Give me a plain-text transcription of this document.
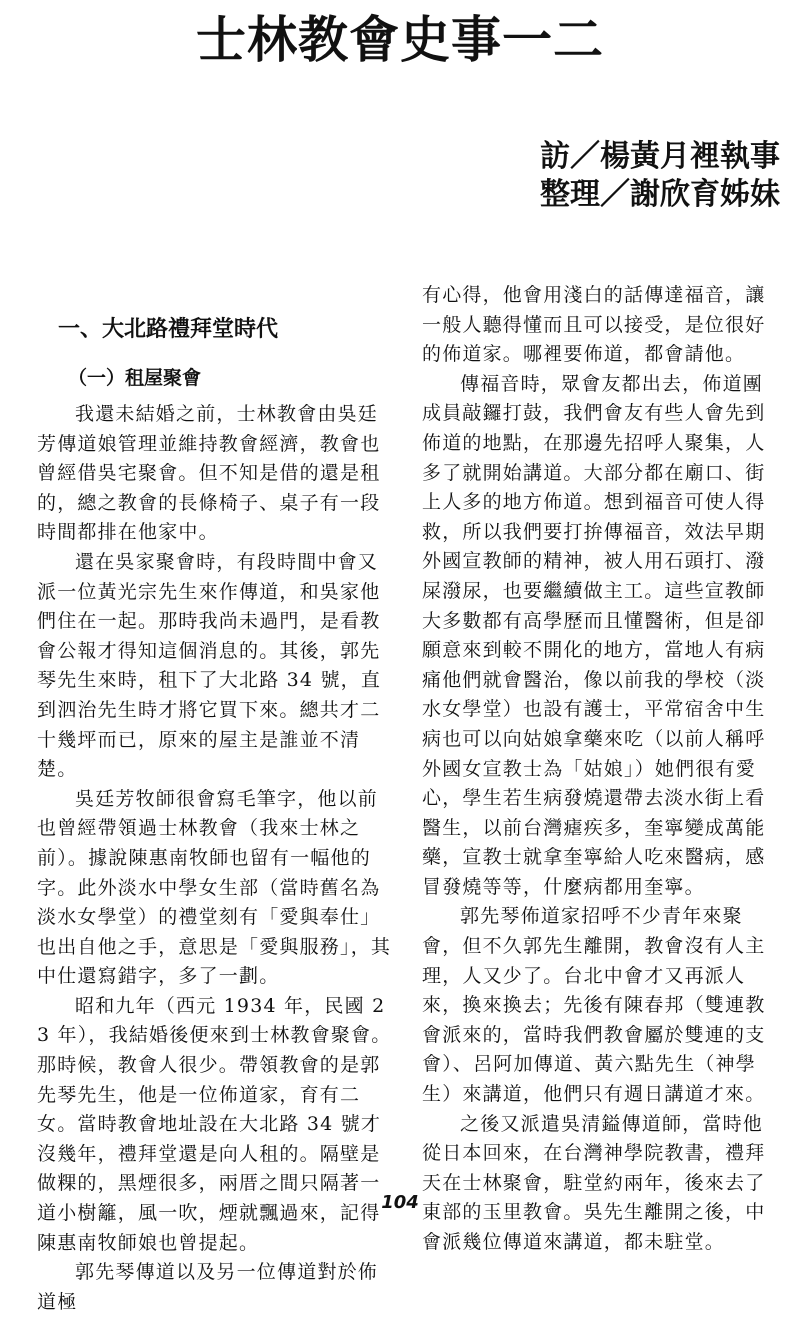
士林教會史事一二
訪／楊黃月裡執事
整理／謝欣育姊妹
一、大北路禮拜堂時代
（一）租屋聚會

我還未結婚之前，士林教會由吳廷芳傳道娘管理並維持教會經濟，教會也曾經借吳宅聚會。但不知是借的還是租的，總之教會的長條椅子、桌子有一段時間都排在他家中。

還在吳家聚會時，有段時間中會又派一位黃光宗先生來作傳道，和吳家他們住在一起。那時我尚未過門，是看教會公報才得知這個消息的。其後，郭先琴先生來時，租下了大北路 34 號，直到泗治先生時才將它買下來。總共才二十幾坪而已，原來的屋主是誰並不清楚。

吳廷芳牧師很會寫毛筆字，他以前也曾經帶領過士林教會（我來士林之前）。據說陳惠南牧師也留有一幅他的字。此外淡水中學女生部（當時舊名為淡水女學堂）的禮堂刻有「愛與奉仕」也出自他之手，意思是「愛與服務」，其中仕還寫錯字，多了一劃。

昭和九年（西元 1934 年，民國 23 年），我結婚後便來到士林教會聚會。那時候，教會人很少。帶領教會的是郭先琴先生，他是一位佈道家，育有二女。當時教會地址設在大北路 34 號才沒幾年，禮拜堂還是向人租的。隔壁是做粿的，黑煙很多，兩厝之間只隔著一道小樹籬，風一吹，煙就飄過來，記得陳惠南牧師娘也曾提起。

郭先琴傳道以及另一位傳道對於佈道極

有心得，他會用淺白的話傳達福音，讓一般人聽得懂而且可以接受，是位很好的佈道家。哪裡要佈道，都會請他。

傳福音時，眾會友都出去，佈道團成員敲鑼打鼓，我們會友有些人會先到佈道的地點，在那邊先招呼人聚集，人多了就開始講道。大部分都在廟口、街上人多的地方佈道。想到福音可使人得救，所以我們要打拚傳福音，效法早期外國宣教師的精神，被人用石頭打、潑屎潑尿，也要繼續做主工。這些宣教師大多數都有高學歷而且懂醫術，但是卻願意來到較不開化的地方，當地人有病痛他們就會醫治，像以前我的學校（淡水女學堂）也設有護士，平常宿舍中生病也可以向姑娘拿藥來吃（以前人稱呼外國女宣教士為「姑娘」）她們很有愛心，學生若生病發燒還帶去淡水街上看醫生，以前台灣瘧疾多，奎寧變成萬能藥，宣教士就拿奎寧給人吃來醫病，感冒發燒等等，什麼病都用奎寧。

郭先琴佈道家招呼不少青年來聚會，但不久郭先生離開，教會沒有人主理，人又少了。台北中會才又再派人來，換來換去；先後有陳春邦（雙連教會派來的，當時我們教會屬於雙連的支會）、呂阿加傳道、黃六點先生（神學生）來講道，他們只有週日講道才來。

之後又派遣吳清鎰傳道師，當時他從日本回來，在台灣神學院教書，禮拜天在士林聚會，駐堂約兩年，後來去了東部的玉里教會。吳先生離開之後，中會派幾位傳道來講道，都未駐堂。

104
